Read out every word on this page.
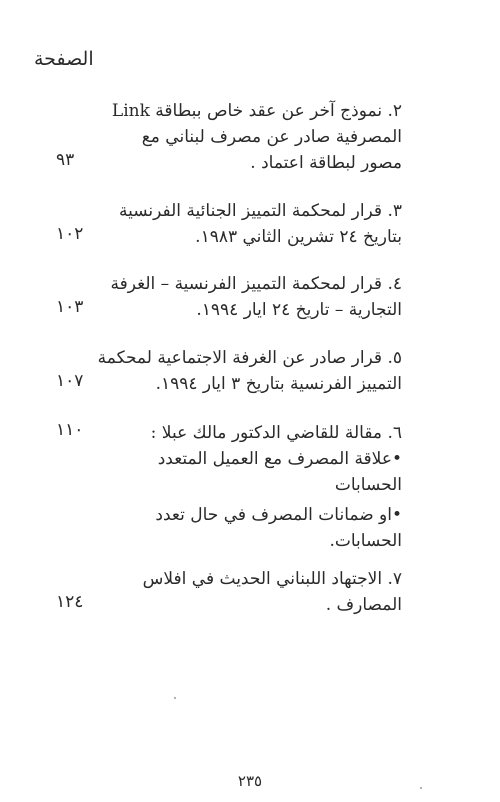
الصفحة
٢. نموذج آخر عن عقد خاص ببطاقة Link
المصرفية صادر عن مصرف لبناني مع
مصور لبطاقة اعتماد .
٩٣
٣. قرار لمحكمة التمييز الجنائية الفرنسية
بتاريخ ٢٤ تشرين الثاني ١٩٨٣.
١٠٢
٤. قرار لمحكمة التمييز الفرنسية – الغرفة
التجارية – تاريخ ٢٤ ايار ١٩٩٤.
١٠٣
٥. قرار صادر عن الغرفة الاجتماعية لمحكمة
التمييز الفرنسية بتاريخ ٣ ايار ١٩٩٤.
١٠٧
٦. مقالة للقاضي الدكتور مالك عبلا :
•علاقة المصرف مع العميل المتعدد
الحسابات
•او ضمانات المصرف في حال تعدد
الحسابات.
١١٠
٧. الاجتهاد اللبناني الحديث في افلاس
المصارف .
١٢٤
٢٣٥
